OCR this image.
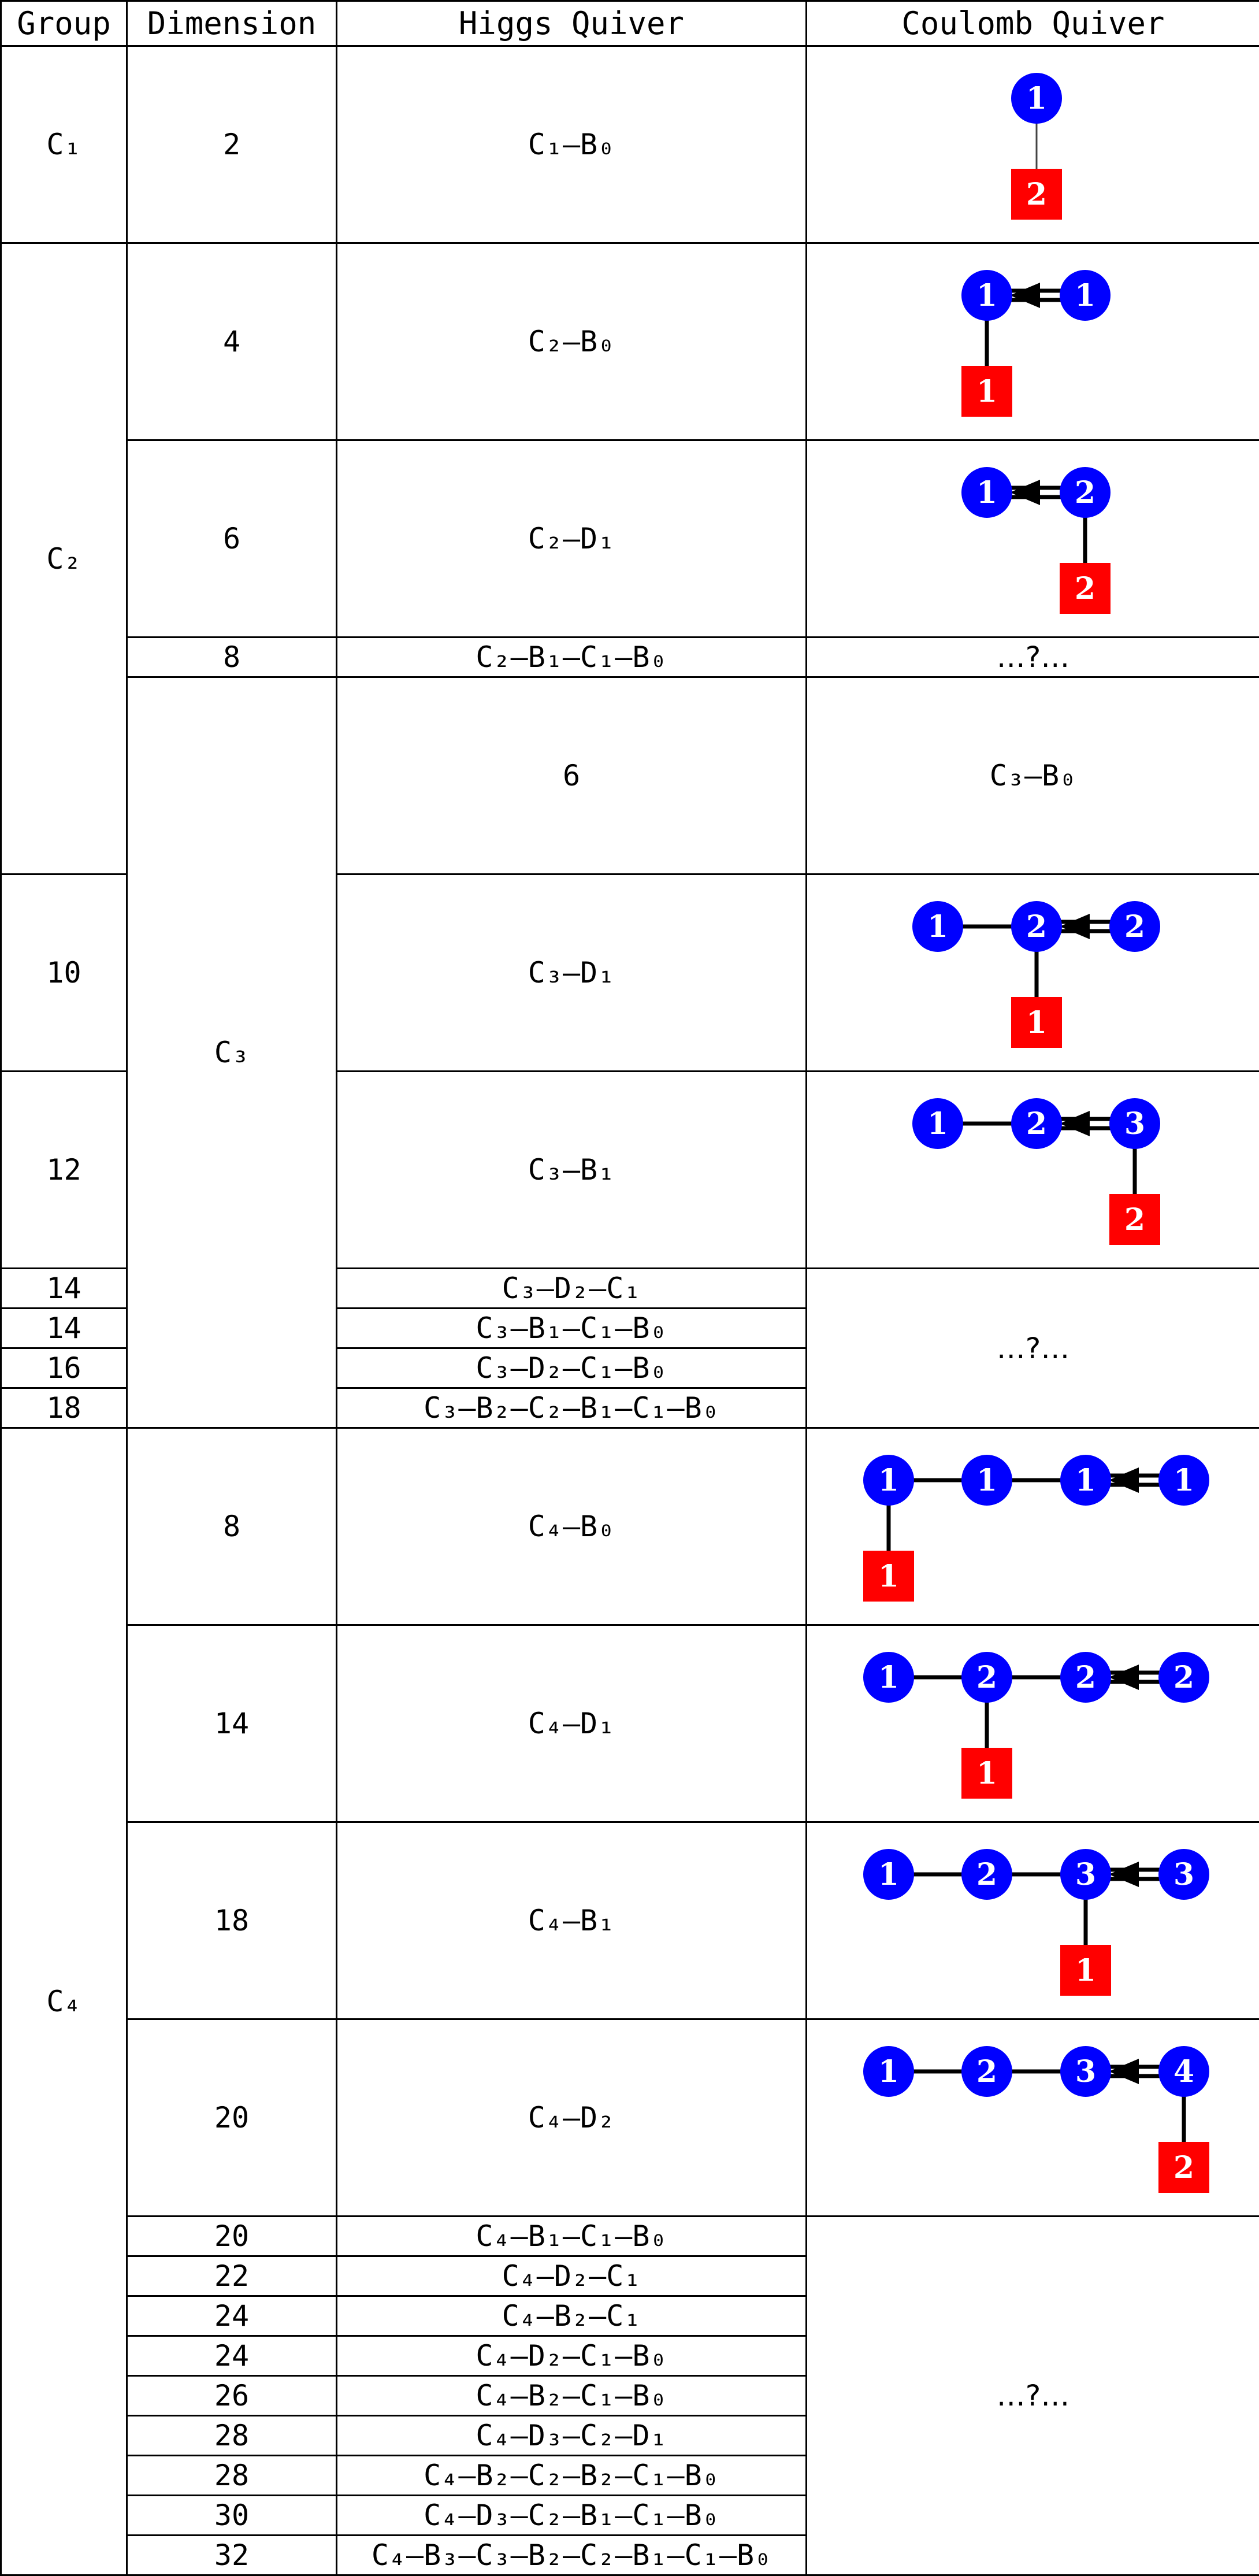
Group	Dimension	Higgs Quiver	Coulomb Quiver	
C₁	2	C₁–B₀	1
2	

C₂	4	C₂–B₀	1 1
1	

	6	C₂–D₁	1 2
2	

	8	C₂–B₁–C₁–B₀	…?…	
	C₃	6	C₃–B₀	

10		C₃–D₁	1 2 2
1	

12		C₃–B₁	1 2 3
2	

14		C₃–D₂–C₁	…?…	
14		C₃–B₁–C₁–B₀		
16		C₃–D₂–C₁–B₀		
18		C₃–B₂–C₂–B₁–C₁–B₀		
C₄	8	C₄–B₀	1 1 1 1
1	

	14	C₄–D₁	1 2 2 2
1	

	18	C₄–B₁	1 2 3 3
1	

	20	C₄–D₂	1 2 3 4
2	

	20	C₄–B₁–C₁–B₀	…?…	
	22	C₄–D₂–C₁		
	24	C₄–B₂–C₁		
	24	C₄–D₂–C₁–B₀		
	26	C₄–B₂–C₁–B₀		
	28	C₄–D₃–C₂–D₁		
	28	C₄–B₂–C₂–B₂–C₁–B₀		
	30	C₄–D₃–C₂–B₁–C₁–B₀		
	32	C₄–B₃–C₃–B₂–C₂–B₁–C₁–B₀		
